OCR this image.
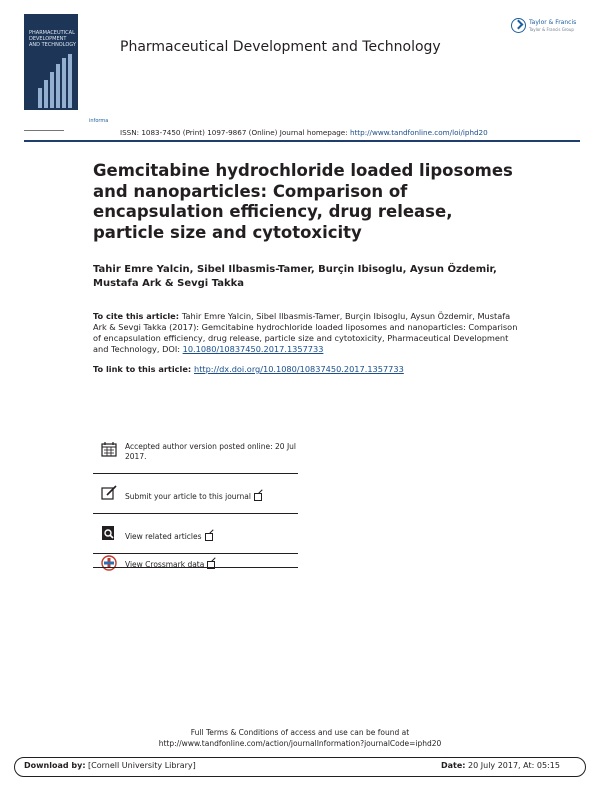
PHARMACEUTICAL DEVELOPMENT AND TECHNOLOGY
informa
Pharmaceutical Development and Technology
Taylor & Francis
Taylor & Francis Group
ISSN: 1083-7450 (Print) 1097-9867 (Online) Journal homepage: http://www.tandfonline.com/loi/iphd20
Gemcitabine hydrochloride loaded liposomes and nanoparticles: Comparison of encapsulation efficiency, drug release, particle size and cytotoxicity
Tahir Emre Yalcin, Sibel Ilbasmis-Tamer, Burçin Ibisoglu, Aysun Özdemir, Mustafa Ark & Sevgi Takka
To cite this article: Tahir Emre Yalcin, Sibel Ilbasmis-Tamer, Burçin Ibisoglu, Aysun Özdemir, Mustafa Ark & Sevgi Takka (2017): Gemcitabine hydrochloride loaded liposomes and nanoparticles: Comparison of encapsulation efficiency, drug release, particle size and cytotoxicity, Pharmaceutical Development and Technology, DOI: 10.1080/10837450.2017.1357733
To link to this article: http://dx.doi.org/10.1080/10837450.2017.1357733
Accepted author version posted online: 20 Jul 2017.
Submit your article to this journal
View related articles
View Crossmark data
Full Terms & Conditions of access and use can be found at
http://www.tandfonline.com/action/journalInformation?journalCode=iphd20
Download by: [Cornell University Library]	Date: 20 July 2017, At: 05:15
